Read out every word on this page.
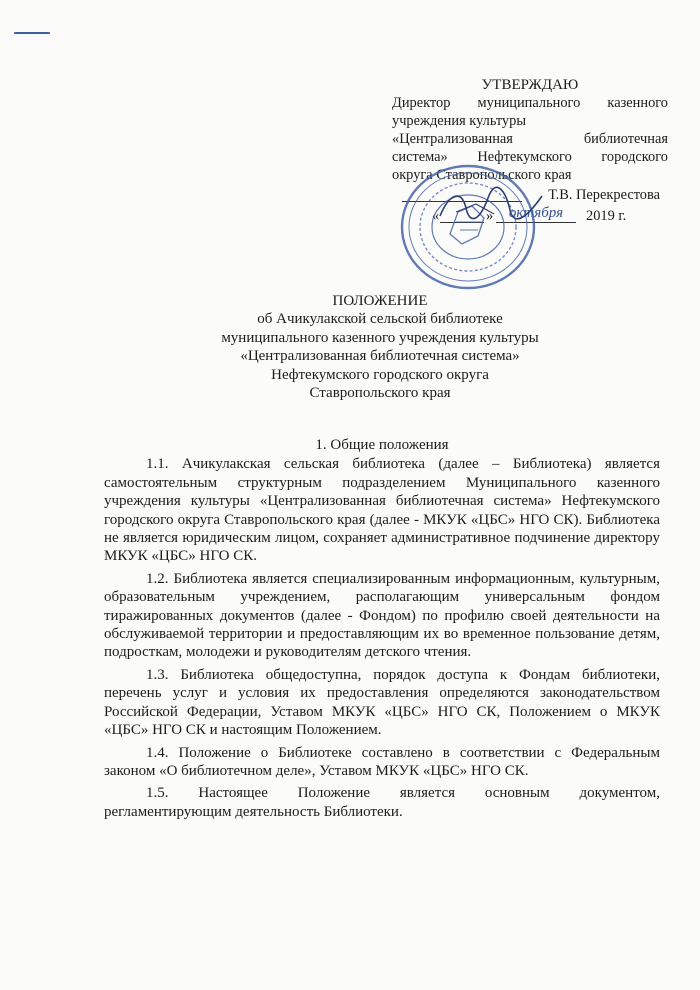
УТВЕРЖДАЮ
Директор муниципального казенного
учреждения культуры
«Централизованная библиотечная
система» Нефтекумского городского
округа Ставропольского края
Т.В. Перекрестова
«	»	октября	2019 г.
ПОЛОЖЕНИЕ
об Ачикулакской сельской библиотеке
муниципального казенного учреждения культуры
«Централизованная библиотечная система»
Нефтекумского городского округа
Ставропольского края
1. Общие положения

1.1. Ачикулакская сельская библиотека (далее – Библиотека) является самостоятельным структурным подразделением Муниципального казенного учреждения культуры «Централизованная библиотечная система» Нефтекумского городского округа Ставропольского края (далее - МКУК «ЦБС» НГО СК). Библиотека не является юридическим лицом, сохраняет административное подчинение директору МКУК «ЦБС» НГО СК.

1.2. Библиотека является специализированным информационным, культурным, образовательным учреждением, располагающим универсальным фондом тиражированных документов (далее - Фондом) по профилю своей деятельности на обслуживаемой территории и предоставляющим их во временное пользование детям, подросткам, молодежи и руководителям детского чтения.

1.3. Библиотека общедоступна, порядок доступа к Фондам библиотеки, перечень услуг и условия их предоставления определяются законодательством Российской Федерации, Уставом МКУК «ЦБС» НГО СК, Положением о МКУК «ЦБС» НГО СК и настоящим Положением.

1.4. Положение о Библиотеке составлено в соответствии с Федеральным законом «О библиотечном деле», Уставом МКУК «ЦБС» НГО СК.

1.5. Настоящее Положение является основным документом, регламентирующим деятельность Библиотеки.
